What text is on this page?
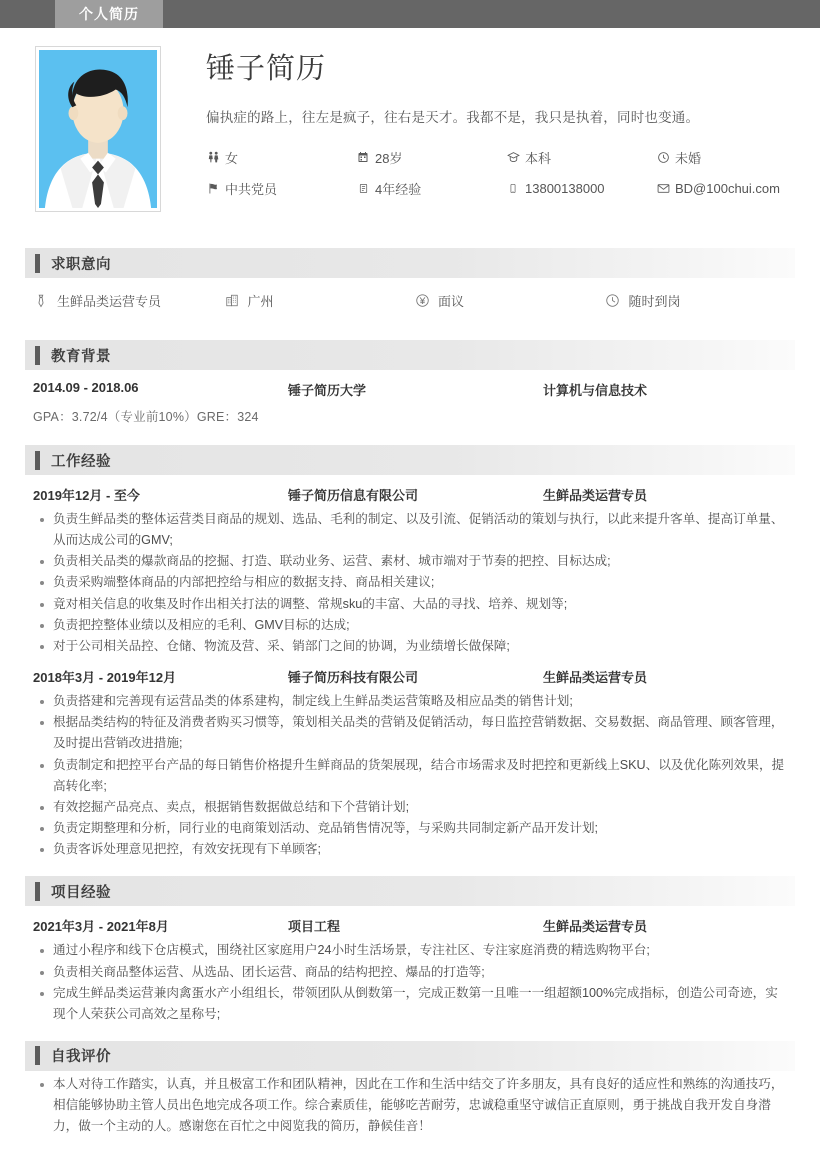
个人简历
锤子简历
偏执症的路上，往左是疯子，往右是天才。我都不是，我只是执着，同时也变通。
女	28岁	本科	未婚
中共党员	4年经验	13800138000	BD@100chui.com
求职意向
生鲜品类运营专员	广州	面议	随时到岗
教育背景
2014.09 - 2018.06	锤子简历大学	计算机与信息技术
GPA：3.72/4（专业前10%）GRE：324
工作经验
2019年12月 - 至今	锤子简历信息有限公司	生鲜品类运营专员
负责生鲜品类的整体运营类目商品的规划、选品、毛利的制定、以及引流、促销活动的策划与执行，以此来提升客单、提高订单量、从而达成公司的GMV;
负责相关品类的爆款商品的挖掘、打造、联动业务、运营、素材、城市端对于节奏的把控、目标达成;
负责采购端整体商品的内部把控给与相应的数据支持、商品相关建议;
竟对相关信息的收集及时作出相关打法的调整、常规sku的丰富、大品的寻找、培养、规划等;
负责把控整体业绩以及相应的毛利、GMV目标的达成;
对于公司相关品控、仓储、物流及营、采、销部门之间的协调，为业绩增长做保障;
2018年3月 - 2019年12月	锤子简历科技有限公司	生鲜品类运营专员
负责搭建和完善现有运营品类的体系建构，制定线上生鲜品类运营策略及相应品类的销售计划;
根据品类结构的特征及消费者购买习惯等，策划相关品类的营销及促销活动，每日监控营销数据、交易数据、商品管理、顾客管理，及时提出营销改进措施;
负责制定和把控平台产品的每日销售价格提升生鲜商品的货架展现，结合市场需求及时把控和更新线上SKU、以及优化陈列效果，提高转化率;
有效挖掘产品亮点、卖点，根据销售数据做总结和下个营销计划;
负责定期整理和分析，同行业的电商策划活动、竞品销售情况等，与采购共同制定新产品开发计划;
负责客诉处理意见把控，有效安抚现有下单顾客;
项目经验
2021年3月 - 2021年8月	项目工程	生鲜品类运营专员
通过小程序和线下仓店模式，围绕社区家庭用户24小时生活场景，专注社区、专注家庭消费的精选购物平台;
负责相关商品整体运营、从选品、团长运营、商品的结构把控、爆品的打造等;
完成生鲜品类运营兼肉禽蛋水产小组组长，带领团队从倒数第一，完成正数第一且唯一一组超额100%完成指标，创造公司奇迹，实现个人荣获公司高效之星称号;
自我评价
本人对待工作踏实，认真，并且极富工作和团队精神，因此在工作和生活中结交了许多朋友，具有良好的适应性和熟练的沟通技巧，相信能够协助主管人员出色地完成各项工作。综合素质佳，能够吃苦耐劳，忠诚稳重坚守诚信正直原则，勇于挑战自我开发自身潜力，做一个主动的人。感谢您在百忙之中阅览我的简历，静候佳音！
